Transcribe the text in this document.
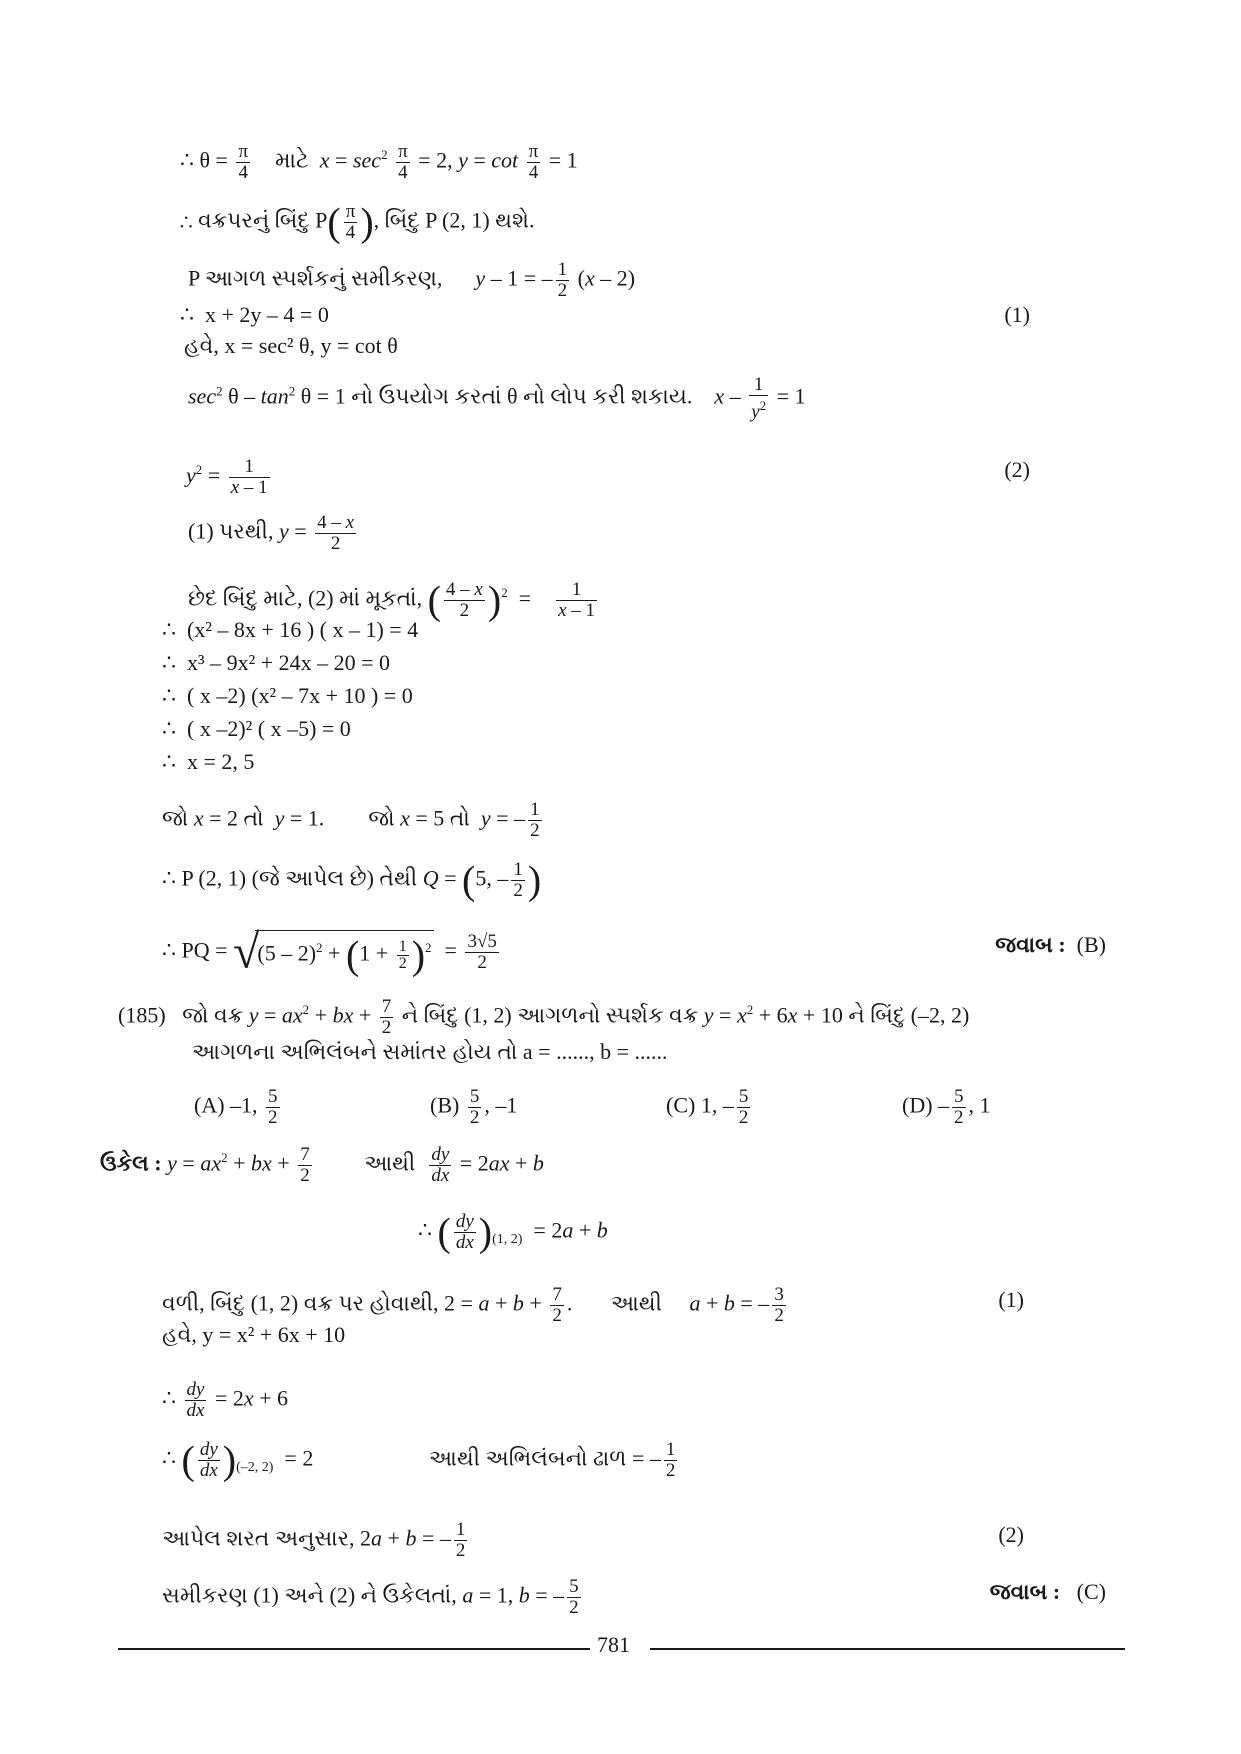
∴ $\theta = \frac{\pi}{4}$ માટે $x = \sec^2 \frac{\pi}{4} = 2$, $y = \cot \frac{\pi}{4} = 1$
∴ વક્રપરનું બિંદુ $P( \frac{\pi}{4}$ ), બિંદુ P (2, 1) થશે.
P આગળ સ્પર્શકનું સમીકરણ, y – 1 = – $\frac{1}{2} (x - 2)$
∴ x + 2y – 4 = 0	(1)
હવે, x = sec² θ, y = cot θ
$\sec^2 \theta - \tan^2 \theta = 1$ નો ઉપયોગ કરતાં θ નો લોપ કરી શકાય. $x - \frac{1}{y^2} = 1$
$y^2 = \frac{1}{x - 1}$	(2)
(1) પરથી, $y = \frac{4 - x}{2}$
છેદ બિંદુ માટે, (2) માં મૂકતાં, ( $\frac{4 - x}{2} )^2 = \frac{1}{x - 1}$
∴ (x² – 8x + 16 ) ( x – 1) = 4
∴ x³ – 9x² + 24x – 20 = 0
∴ ( x –2) (x² – 7x + 10 ) = 0
∴ ( x –2)² ( x –5) = 0
∴ x = 2, 5
જો x = 2 તો y = 1.        જો x = 5 તો y = – $\frac{1}{2}$
∴ P (2, 1) (જે આપેલ છે) તેથી Q = (5, – $\frac{1}{2}$ )
∴ PQ = $√(5 - 2)^2 + (1 + \frac{1}{2} )^2 = \frac{3√5}{2}$	જવાબ : (B)
(185) જો વક્ર $y = ax^2$ + bx + $\frac{7}{2}$ ને બિંદુ (1, 2) આગળનો સ્પર્શક વક્ર $y = x^2 + 6x + 10$ ને બિંદુ (–2, 2)
આગળના અભિલંબને સમાંતર હોય તો a = ......, b = ......
(A) –1, $\frac{5}{2}$	$(B) \frac{5}{2}$ , –1	(C) 1, – $\frac{5}{2}$	$(D) - \frac{5}{2}$ , 1
ઉકેલ : $y = ax^2$ + bx + $\frac{7}{2}$ આથી $\frac{dy}{dx} = 2ax + b$
∴ ( $\frac{dy}{dx} )_{(1, 2)} = 2a + b$
વળી, બિંદુ (1, 2) વક્ર પર હોવાથી, $2 = a + b + \frac{7}{2}$ .       આથી a + b = – $\frac{3}{2}$	(1)
હવે, y = x² + 6x + 10
∴ $\frac{dy}{dx} = 2x + 6$
∴ ( $\frac{dy}{dx} )_{(-2, 2)} = 2$                     આથી અભિલંબનો ઢાળ = – $\frac{1}{2}$
આપેલ શરત અનુસાર, 2a + b = – $\frac{1}{2}$	(2)
સમીકરણ (1) અને (2) ને ઉકેલતાં, a = 1, b = – $\frac{5}{2}$	જવાબ : (C)
781
